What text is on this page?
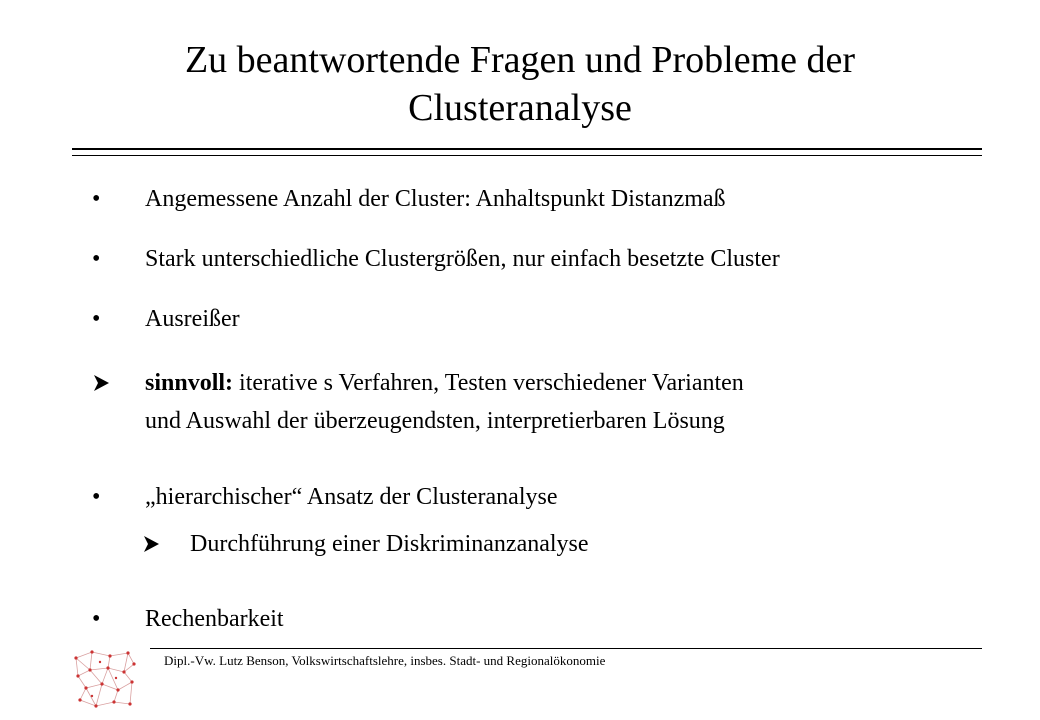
Zu beantwortende Fragen und Probleme der
Clusteranalyse
• Angemessene Anzahl der Cluster: Anhaltspunkt Distanzmaß
• Stark unterschiedliche Clustergrößen, nur einfach besetzte Cluster
• Ausreißer
sinnvoll: iterative s Verfahren, Testen verschiedener Varianten
und Auswahl der überzeugendsten, interpretierbaren Lösung
• „hierarchischer“ Ansatz der Clusteranalyse
Durchführung einer Diskriminanzanalyse
• Rechenbarkeit
Dipl.-Vw. Lutz Benson, Volkswirtschaftslehre, insbes. Stadt- und Regionalökonomie
